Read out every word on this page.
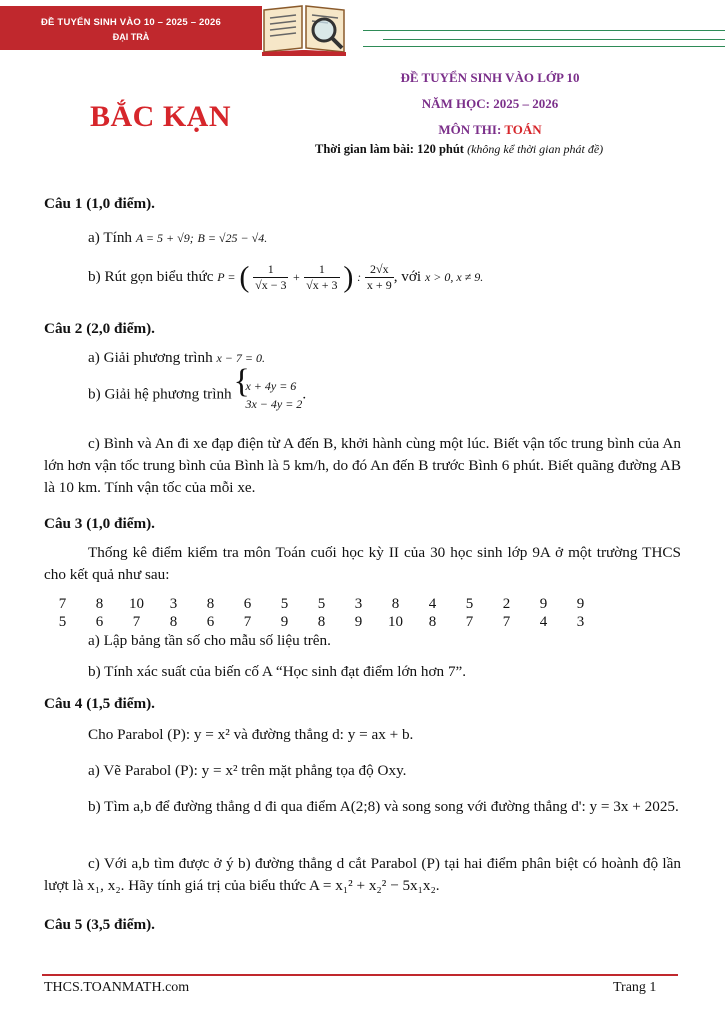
ĐỀ TUYỂN SINH VÀO 10 – 2025 – 2026
ĐẠI TRÀ
BẮC KẠN
ĐỀ TUYỂN SINH VÀO LỚP 10
NĂM HỌC: 2025 – 2026
MÔN THI: TOÁN
Thời gian làm bài: 120 phút (không kể thời gian phát đề)
Câu 1 (1,0 điểm).
a) Tính A = 5 + √9; B = √25 − √4.
b) Rút gọn biểu thức P = ( $\frac{1}{√x - 3} + \frac{1}{√x + 3}$ ) : $\frac{2√x}{x + 9}$ , với x > 0, x ≠ 9.
Câu 2 (2,0 điểm).
a) Giải phương trình x − 7 = 0.
b) Giải hệ phương trình
{ x + 4y = 6
3x − 4y = 2
.
c) Bình và An đi xe đạp điện từ A đến B, khởi hành cùng một lúc. Biết vận tốc trung bình của An lớn hơn vận tốc trung bình của Bình là 5 km/h, do đó An đến B trước Bình 6 phút. Biết quãng đường AB là 10 km. Tính vận tốc của mỗi xe.
Câu 3 (1,0 điểm).
Thống kê điểm kiểm tra môn Toán cuối học kỳ II của 30 học sinh lớp 9A ở một trường THCS cho kết quả như sau:
7	8	10	3	8	6	5	5	3	8	4	5	2	9	9
5	6	7	8	6	7	9	8	9	10	8	7	7	4	3
a) Lập bảng tần số cho mẫu số liệu trên.
b) Tính xác suất của biến cố A “Học sinh đạt điểm lớn hơn 7”.
Câu 4 (1,5 điểm).
Cho Parabol (P): y = x² và đường thẳng d: y = ax + b.
a) Vẽ Parabol (P): y = x² trên mặt phẳng tọa độ Oxy.
b) Tìm a,b để đường thẳng d đi qua điểm A(2;8) và song song với đường thẳng d': y = 3x + 2025.
c) Với a,b tìm được ở ý b) đường thẳng d cắt Parabol (P) tại hai điểm phân biệt có hoành độ lần lượt là x₁, x₂. Hãy tính giá trị của biểu thức A = x₁² + x₂² − 5x₁x₂.
Câu 5 (3,5 điểm).
THCS.TOANMATH.com	Trang 1
